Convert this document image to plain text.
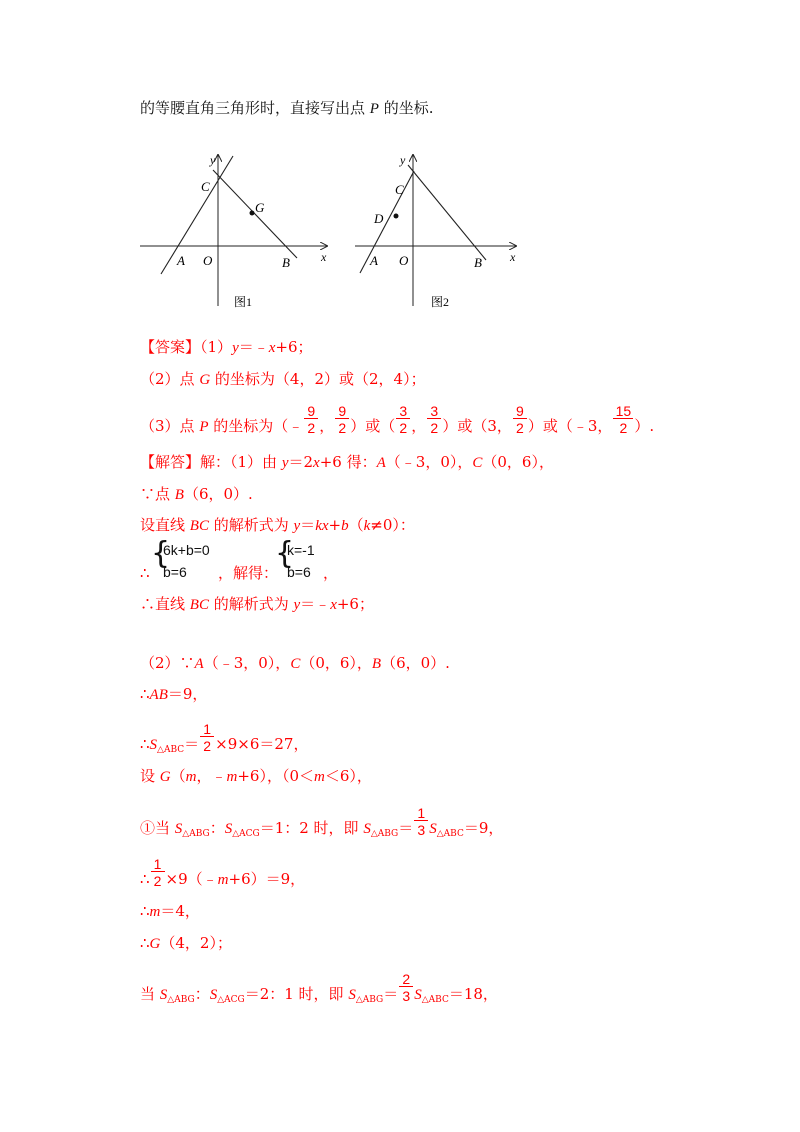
的等腰直角三角形时，直接写出点 P 的坐标.
y
x
C
G
A O	B
图1
y
x
C
D
A O	B
图2
【答案】（1）y＝﹣x+6；
（2）点 G 的坐标为（4，2）或（2，4）；
（3）点 P 的坐标为（﹣ $\frac{9}{2}$ ， $\frac{9}{2}$ ）或（ $\frac{3}{2}$ ， $\frac{3}{2}$ ）或（3， $\frac{9}{2}$ ）或（﹣3， $\frac{15}{2}$ ）.
【解答】解：（1）由 y＝2x+6 得：A（﹣3，0），C（0，6），
∵点 B（6，0）.
设直线 BC 的解析式为 y＝kx+b（k≠0）：
{
6k+b=0
b=6
{
k=-1
b=6
∴	，解得：	，
∴直线 BC 的解析式为 y＝﹣x+6；
（2）∵A（﹣3，0），C（0，6），B（6，0）.
∴AB＝9，
$\therefore S_{\triangle ABC}= \frac{1}{2} \times 9\times 6=27$，
设 G（m，﹣m+6），（0＜m＜6），
①当 $S_{\triangle ABG}$：$S_{\triangle ACG}=1$：2 时，即 $S_{\triangle ABG}= \frac{1}{3} S_{\triangle ABC}=9$，
∴ $\frac{1}{2}$ ×9（﹣m+6）＝9，
∴m＝4，
∴G（4，2）；
当 $S_{\triangle ABG}$：$S_{\triangle ACG}=2$：1 时，即 $S_{\triangle ABG}= \frac{2}{3} S_{\triangle ABC}=18$，
